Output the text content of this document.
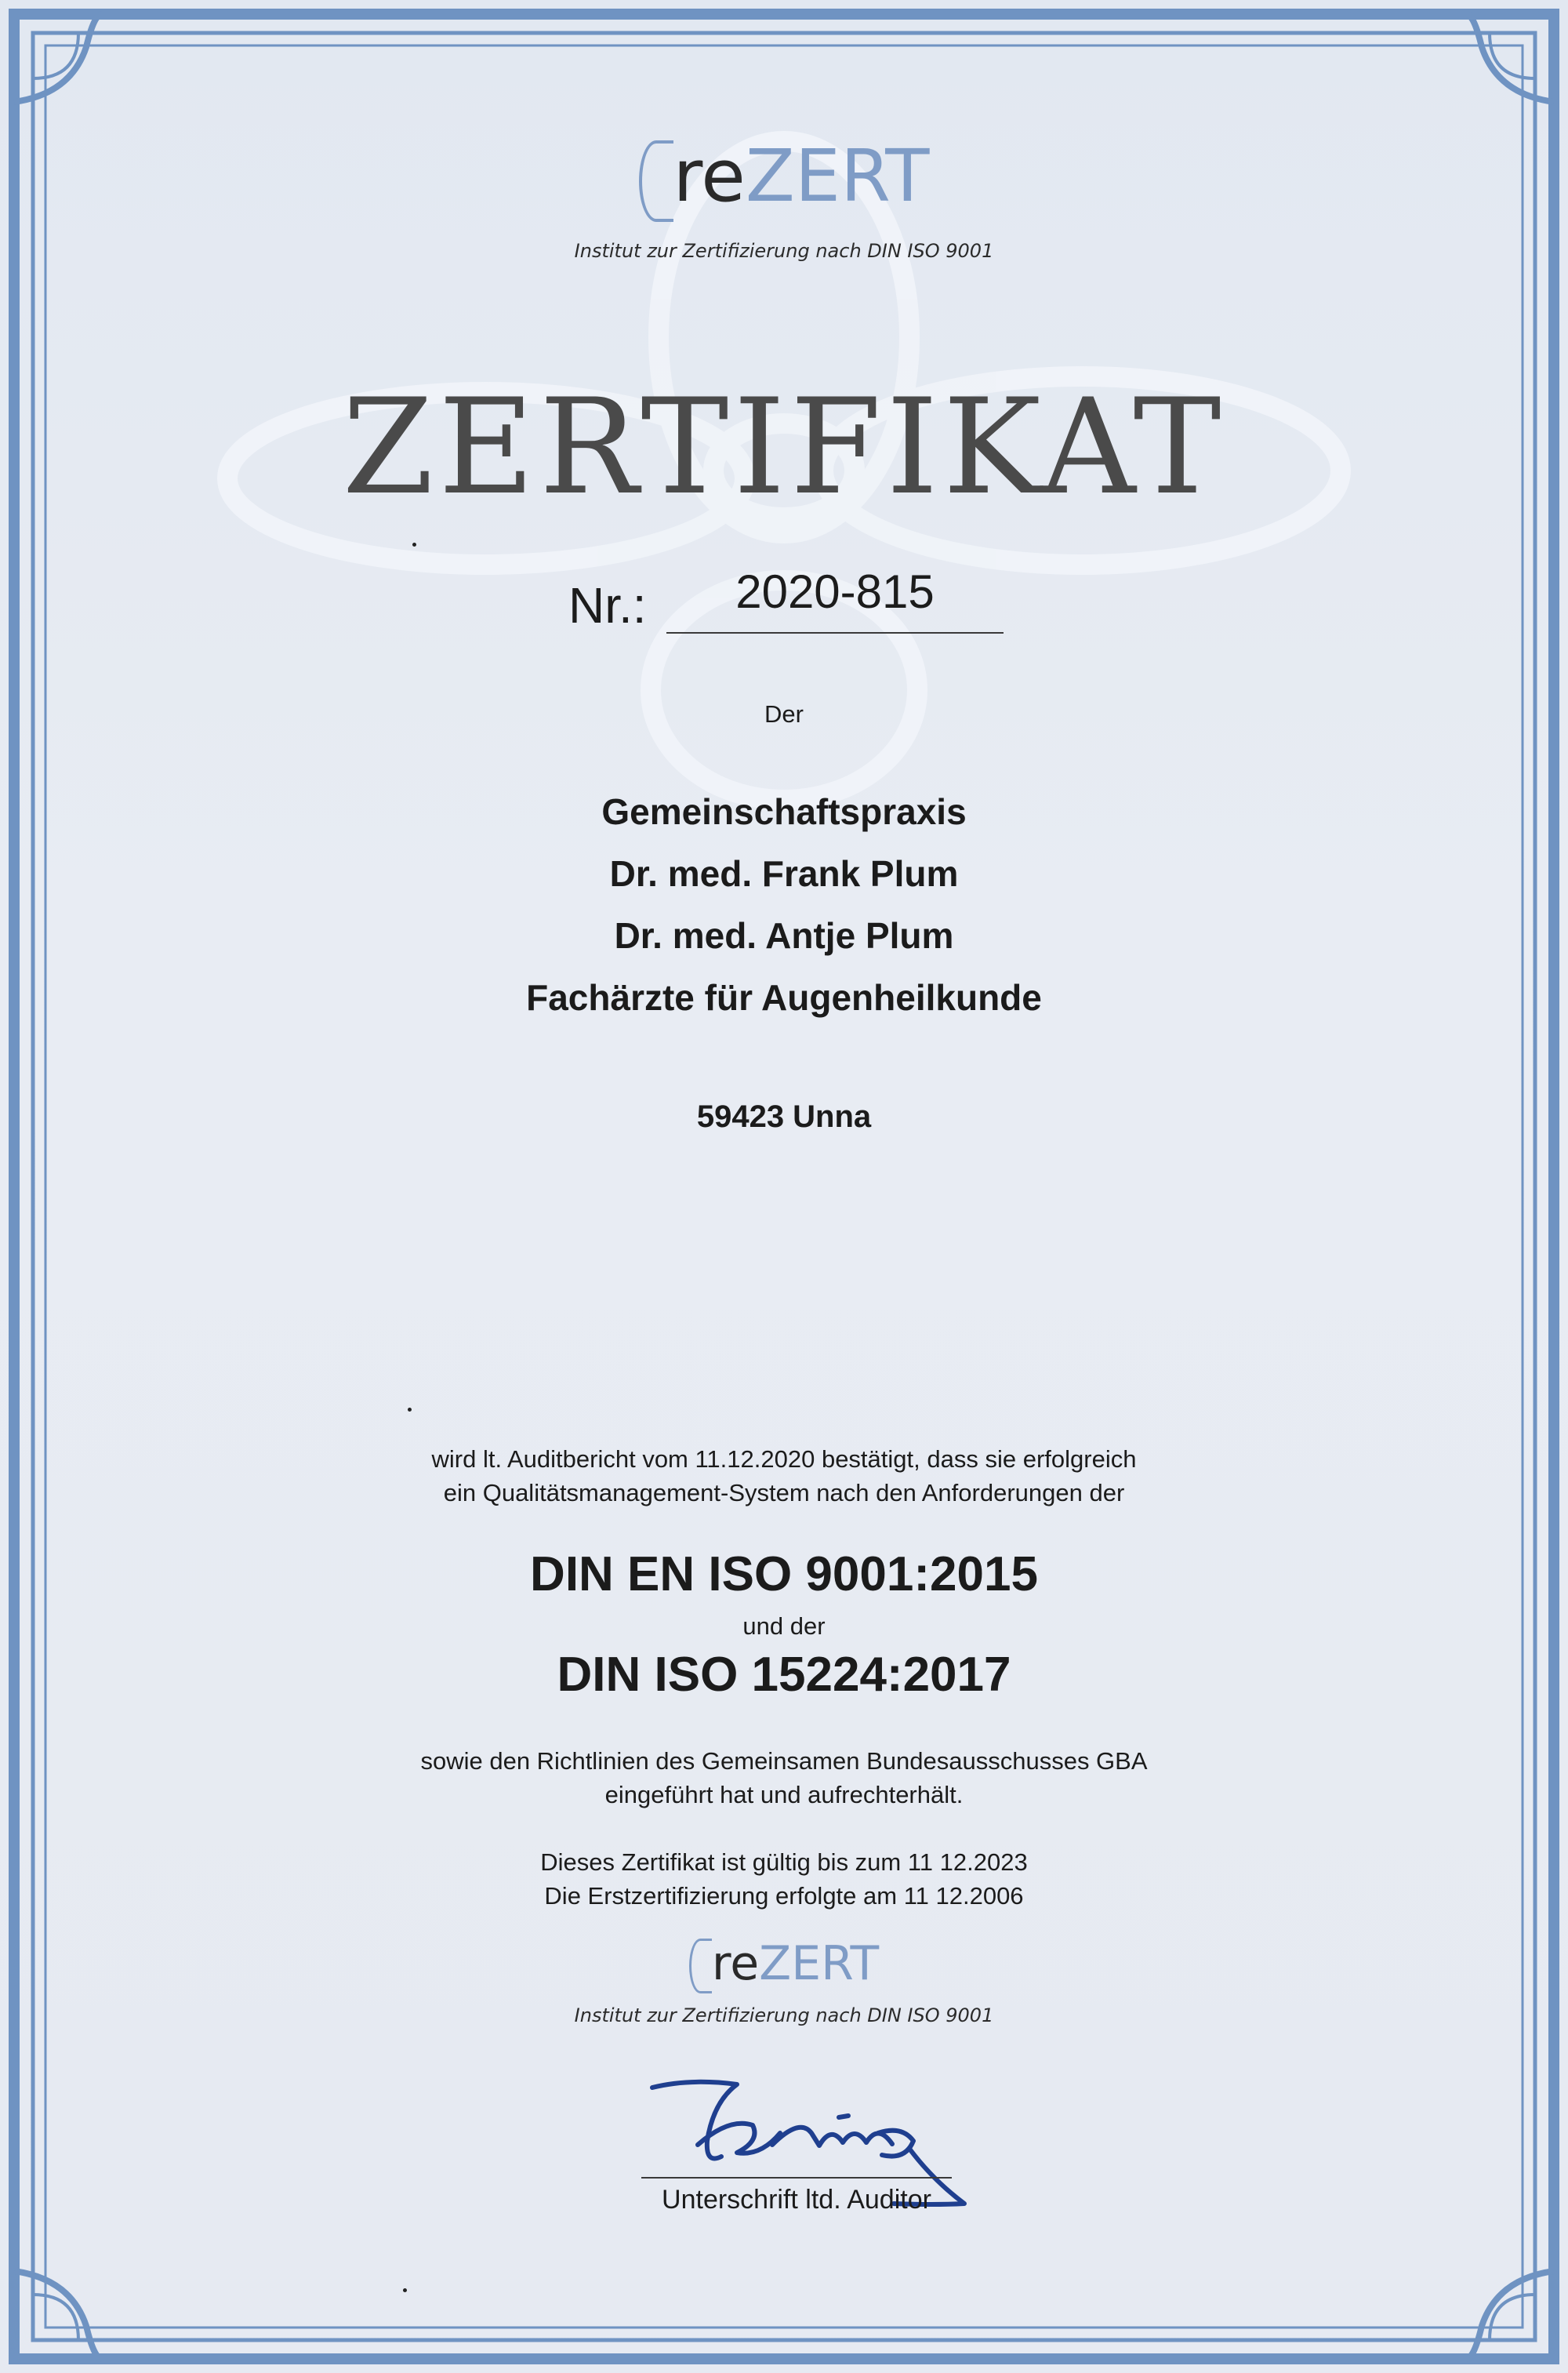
reZERT
Institut zur Zertifizierung nach DIN ISO 9001
ZERTIFIKAT
Nr.:	2020-815
Der
Gemeinschaftspraxis
Dr. med. Frank Plum
Dr. med. Antje Plum
Fachärzte für Augenheilkunde
59423 Unna
wird lt. Auditbericht vom 11.12.2020 bestätigt, dass sie erfolgreich
ein Qualitätsmanagement-System nach den Anforderungen der
DIN EN ISO 9001:2015
und der
DIN ISO 15224:2017
sowie den Richtlinien des Gemeinsamen Bundesausschusses GBA
eingeführt hat und aufrechterhält.
Dieses Zertifikat ist gültig bis zum 11 12.2023
Die Erstzertifizierung erfolgte am 11 12.2006
reZERT
Institut zur Zertifizierung nach DIN ISO 9001
Unterschrift ltd. Auditor
